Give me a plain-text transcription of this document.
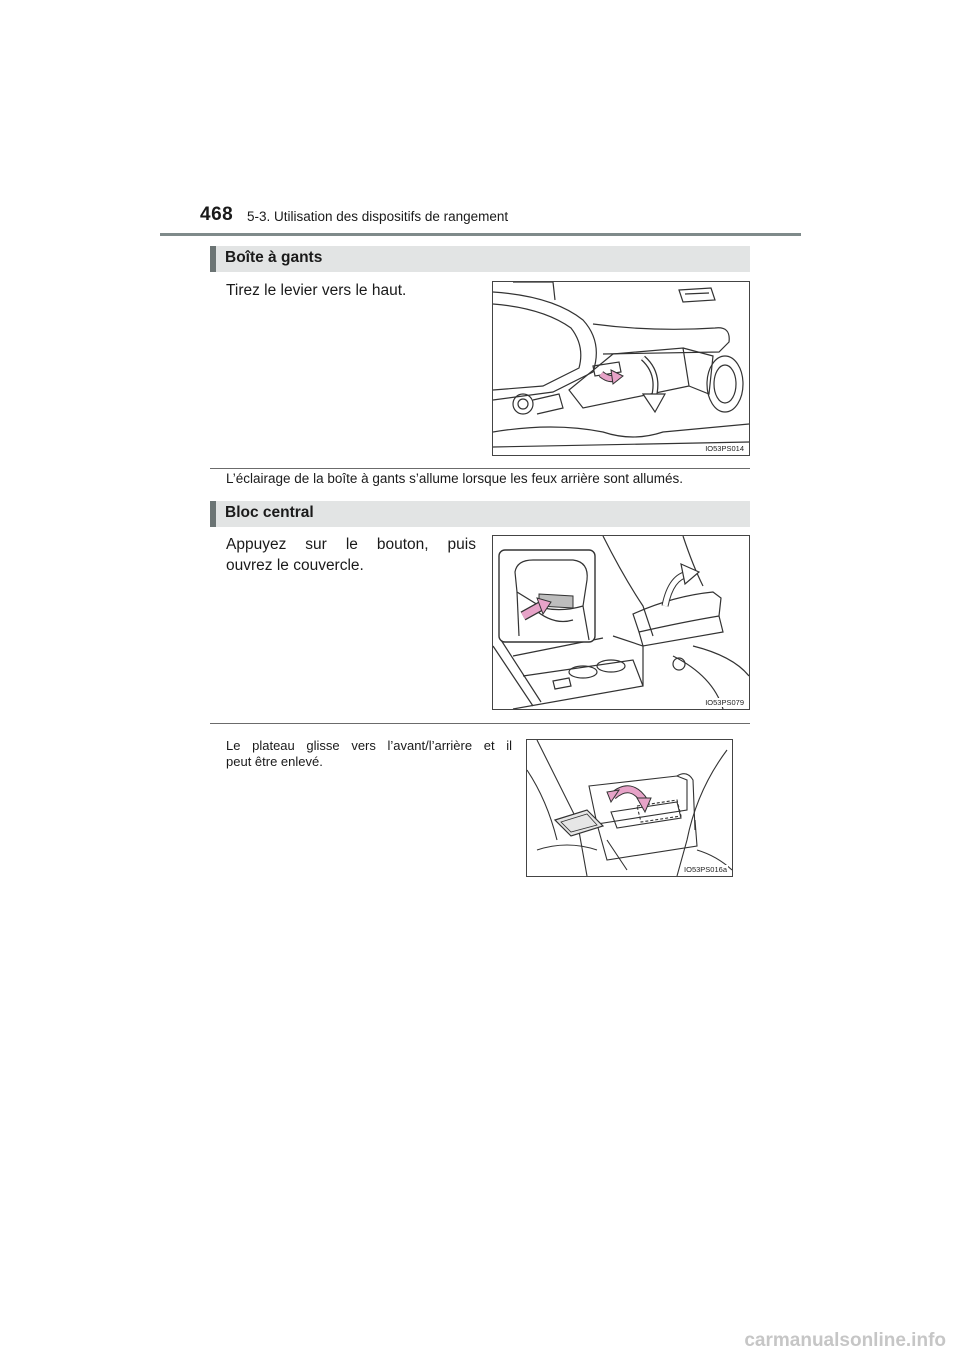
468 5-3. Utilisation des dispositifs de rangement
Boîte à gants
Tirez le levier vers le haut.
IO53PS014
L’éclairage de la boîte à gants s’allume lorsque les feux arrière sont allumés.
Bloc central
Appuyez sur le bouton, puis
ouvrez le couvercle.
IO53PS079
Le plateau glisse vers l’avant/l’arrière et il
peut être enlevé.
IO53PS016a
carmanualsonline.info
